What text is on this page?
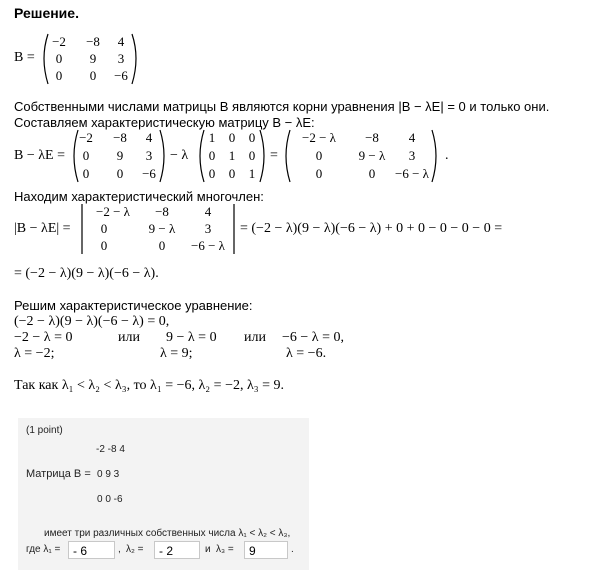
Решение.
B =
−2	−8	4
0	9	3
0	0	−6
Собственными числами матрицы B являются корни уравнения |B − λE| = 0 и только они.
Составляем характеристическую матрицу B − λE:
B − λE =
−2	−8	4
0	9	3
0	0	−6
− λ
1	0	0
0	1	0
0	0	1
=
−2 − λ	−8	4
0	9 − λ	3
0	0	−6 − λ
.
Находим характеристический многочлен:
|B − λE| =
−2 − λ	−8	4
0	9 − λ	3
0	0	−6 − λ
= (−2 − λ)(9 − λ)(−6 − λ) + 0 + 0 − 0 − 0 − 0 =
= (−2 − λ)(9 − λ)(−6 − λ).
Решим характеристическое уравнение:
(−2 − λ)(9 − λ)(−6 − λ) = 0,
−2 − λ = 0	или 9 − λ = 0 или −6 − λ = 0,
λ = −2;	λ = 9;	λ = −6.
Так как λ₁ < λ₂ < λ₃, то λ₁ = −6, λ₂ = −2, λ₃ = 9.
(1 point)
Матрица B =
-2 -8 4
0 9 3
0 0 -6
имеет три различных собственных числа λ₁ < λ₂ < λ₃,
где λ₁ =	- 6	, λ₂ =	- 2	и λ₃ =	9	.
